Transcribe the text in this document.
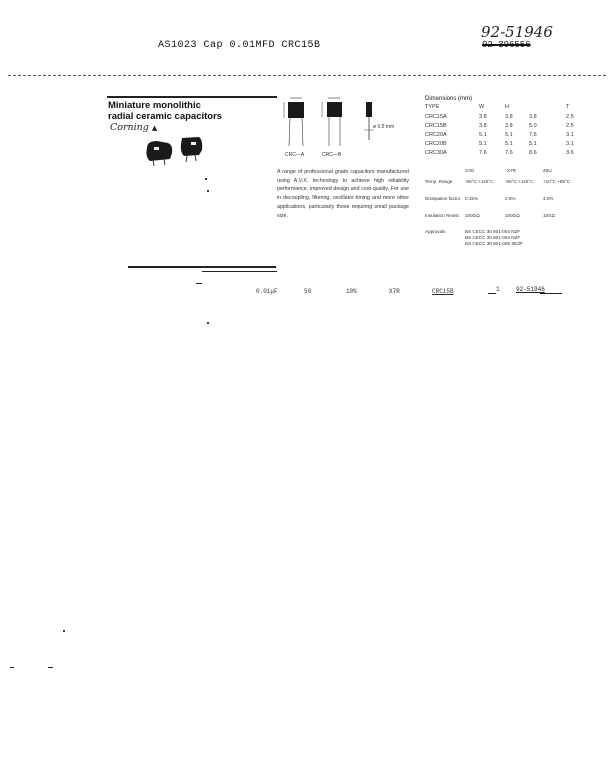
AS1023 Cap 0.01MFD CRC15B
92-51946
92-396556
Miniature monolithic
radial ceramic capacitors
Corning ▲
CRC—A	CRC—B
ø 0.5 mm
A range of professional grade capacitors manufactured using A.V.X. technology to achieve high reliability performance, improved design and cost-quality. For use in decoupling, filtering, oscillator timing and more other applications, particularly those requiring small package size.
Dimensions (mm)
TYPE	W	H	T
CRC15A	3.8	3.8	3.8	2.5
CRC15B	3.8	3.8	5.0	2.5
CRC20A	5.1	5.1	7.5	3.1
CRC20B	5.1	5.1	5.1	3.1
CRC30A	7.6	7.6	8.6	3.6
C0G	X7R	Z5U
Temp. Range	-55°C +125°C	-55°C +125°C	+10°C +85°C
Dissipation factor 0.15%	2.5%	3.0%
Insulation Resist. 100GΩ	100GΩ	10GΩ
Approvals	BS CECC 30 601-004 NZF
BS CECC 30 601-004 NZF
BS CECC 30 601-009 XEZF
0.01μF	50	10%	X7R	CRC15B	1	92-51946
